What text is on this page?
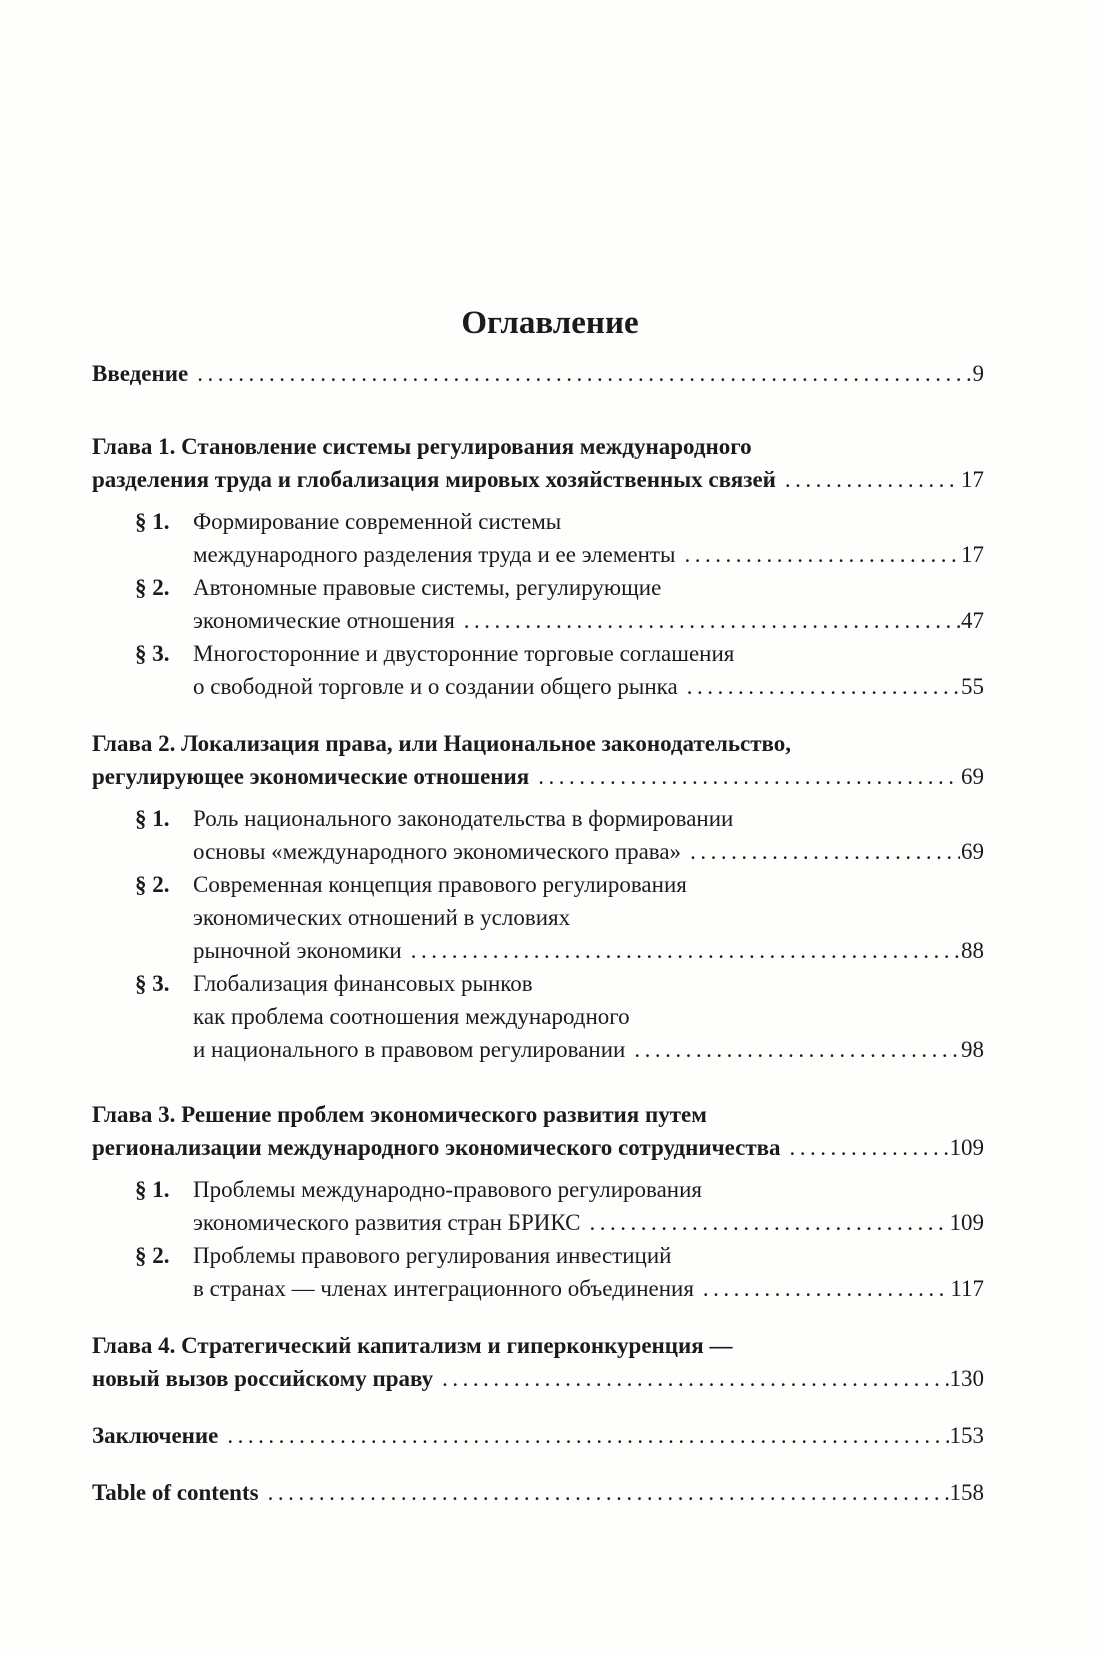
Оглавление
Введение .....	9
Глава 1. Становление системы регулирования международного
разделения труда и глобализация мировых хозяйственных связей .....	17
§ 1. Формирование современной системы
международного разделения труда и ее элементы .....	17
§ 2. Автономные правовые системы, регулирующие
экономические отношения .....	47
§ 3. Многосторонние и двусторонние торговые соглашения
о свободной торговле и о создании общего рынка .....	55
Глава 2. Локализация права, или Национальное законодательство,
регулирующее экономические отношения .....	69
§ 1. Роль национального законодательства в формировании
основы «международного экономического права» .....	69
§ 2. Современная концепция правового регулирования
экономических отношений в условиях
рыночной экономики .....	88
§ 3. Глобализация финансовых рынков
как проблема соотношения международного
и национального в правовом регулировании .....	98
Глава 3. Решение проблем экономического развития путем
регионализации международного экономического сотрудничества .....	109
§ 1. Проблемы международно-правового регулирования
экономического развития стран БРИКС .....	109
§ 2. Проблемы правового регулирования инвестиций
в странах — членах интеграционного объединения .....	117
Глава 4. Стратегический капитализм и гиперконкуренция —
новый вызов российскому праву .....	130
Заключение .....	153
Table of contents .....	158
